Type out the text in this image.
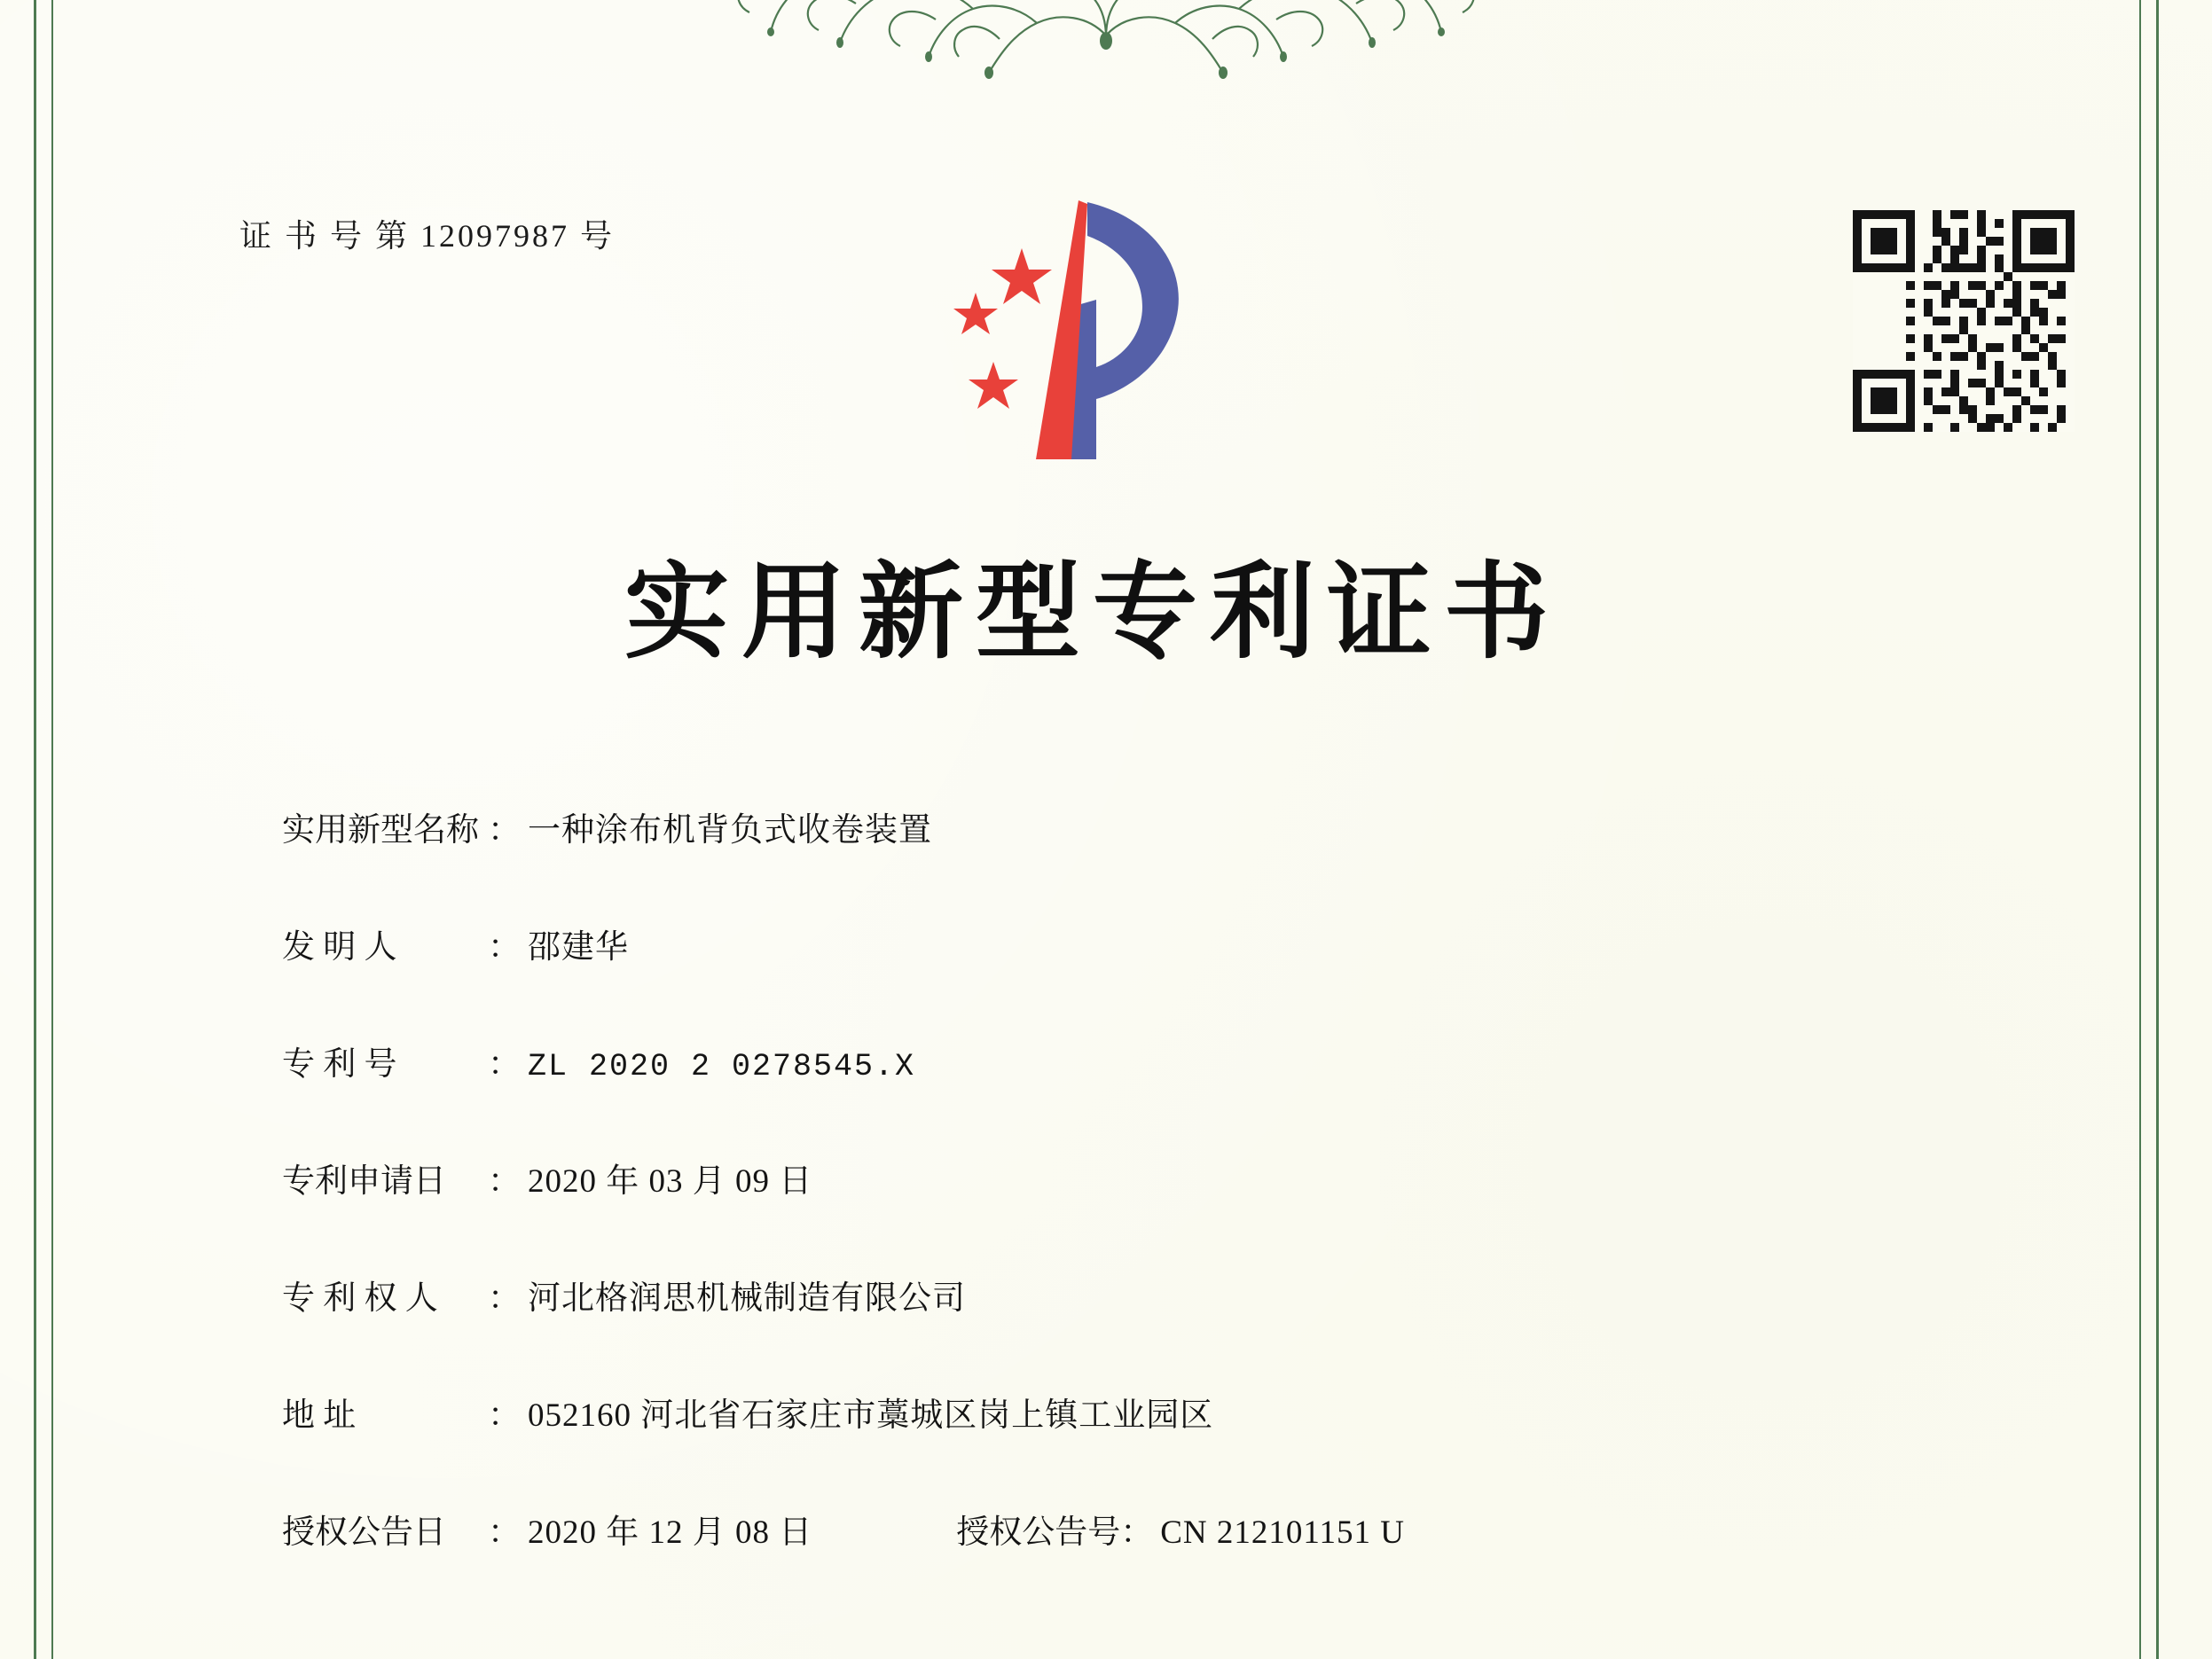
证 书 号 第 12097987 号
实用新型专利证书
实用新型名称 ： 一种涂布机背负式收卷装置
发 明 人	： 邵建华
专 利 号	： ZL 2020 2 0278545.X
专利申请日	： 2020 年 03 月 09 日
专 利 权 人	： 河北格润思机械制造有限公司
地 址	： 052160 河北省石家庄市藁城区岗上镇工业园区
授权公告日	： 2020 年 12 月 08 日	授权公告号： CN 212101151 U
